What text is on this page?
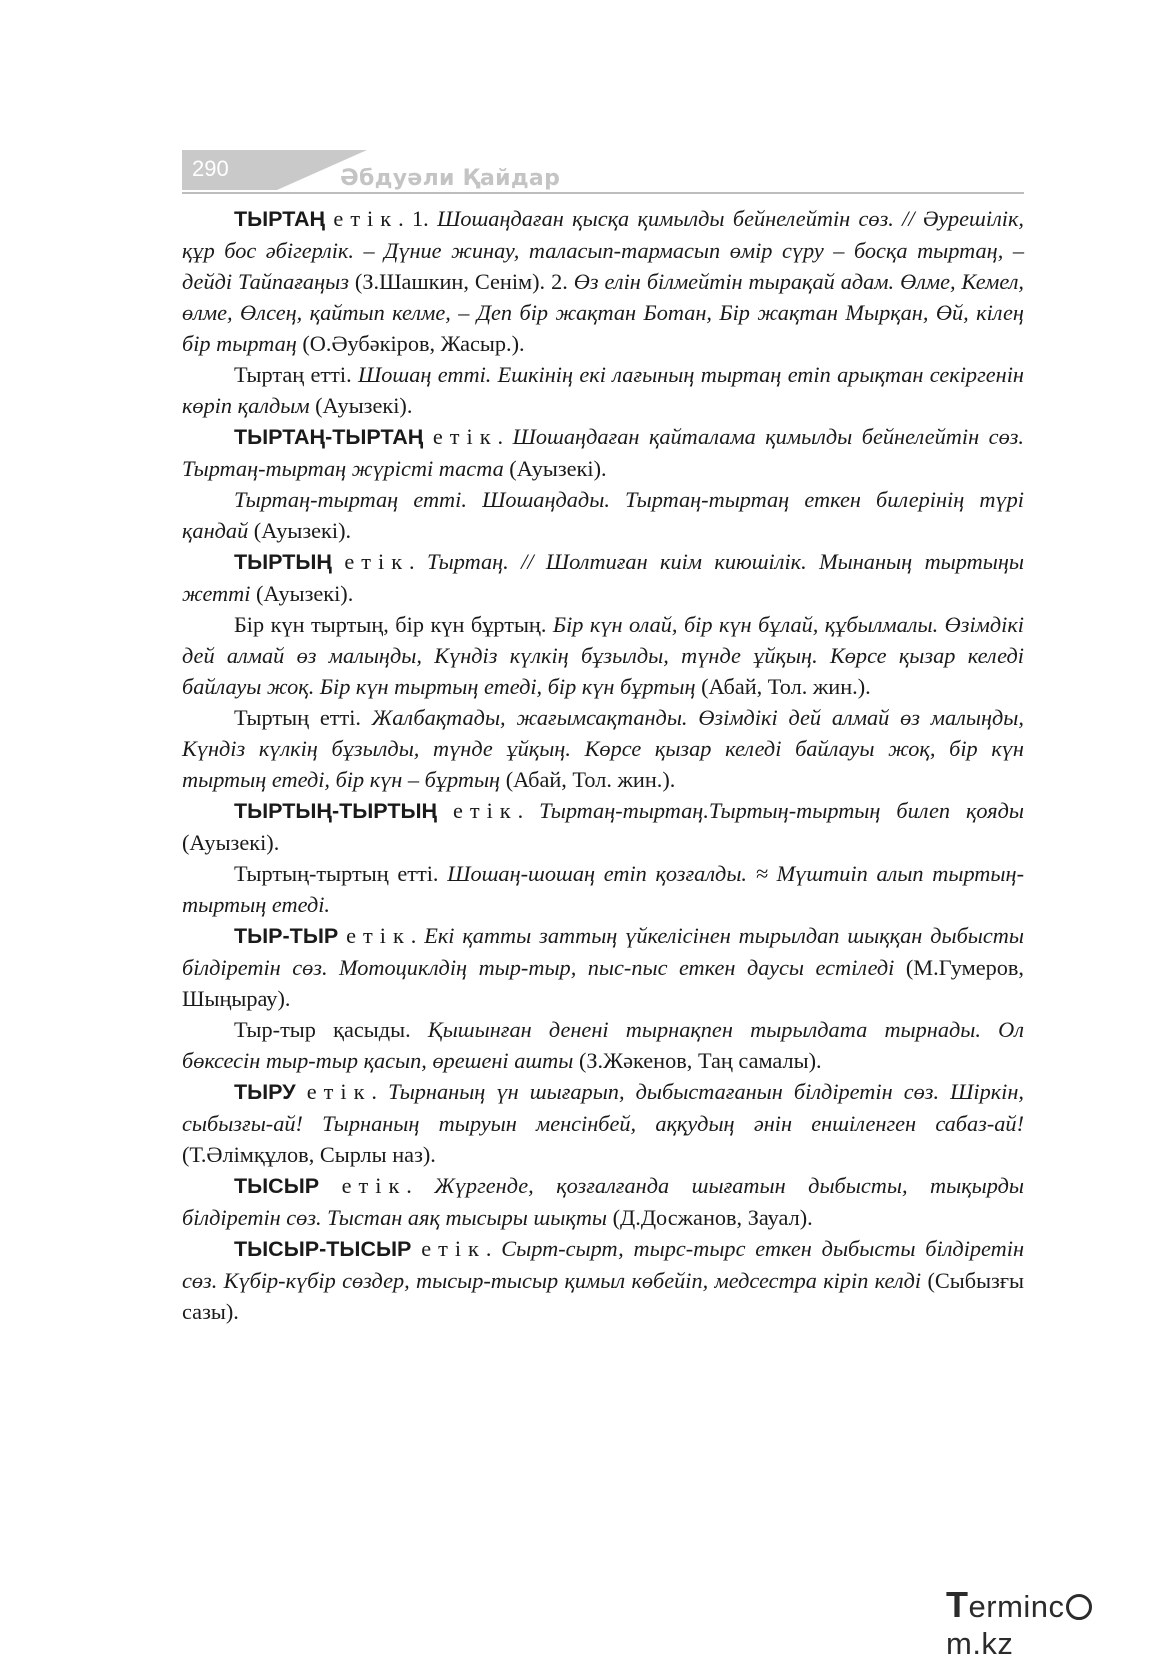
290	Әбдуәли Қайдар

ТЫРТАҢ етік. 1. Шошаңдаған қысқа қимылды бейнелейтін сөз. // Әурешілік, құр бос әбігерлік. – Дүние жинау, таласып-тармасып өмір сүру – босқа тыртаң, – дейді Тайпағаңыз (З.Шашкин, Сенім). 2. Өз елін білмейтін тырақай адам. Өлме, Кемел, өлме, Өлсең, қайтып келме, – Деп бір жақтан Ботан, Бір жақтан Мырқан, Өй, кілең бір тыртаң (О.Әубәкіров, Жасыр.).

Тыртаң етті. Шошаң етті. Ешкінің екі лағының тыртаң етіп арықтан секіргенін көріп қалдым (Ауызекі).

ТЫРТАҢ-ТЫРТАҢ етік. Шошаңдаған қайталама қимылды бейнелейтін сөз. Тыртаң-тыртаң жүрісті таста (Ауызекі).

Тыртаң-тыртаң етті. Шошаңдады. Тыртаң-тыртаң еткен билерінің түрі қандай (Ауызекі).

ТЫРТЫҢ етік. Тыртаң. // Шолтиған киім киюшілік. Мынаның тыртыңы жетті (Ауызекі).

Бір күн тыртың, бір күн бұртың. Бір күн олай, бір күн бұлай, құбылмалы. Өзімдікі дей алмай өз малыңды, Күндіз күлкің бұзылды, түнде ұйқың. Көрсе қызар келеді байлауы жоқ. Бір күн тыртың етеді, бір күн бұртың (Абай, Тол. жин.).

Тыртың етті. Жалбақтады, жағымсақтанды. Өзімдікі дей алмай өз малыңды, Күндіз күлкің бұзылды, түнде ұйқың. Көрсе қызар келеді байлауы жоқ, бір күн тыртың етеді, бір күн – бұртың (Абай, Тол. жин.).

ТЫРТЫҢ-ТЫРТЫҢ етік. Тыртаң-тыртаң.Тыртың-тыртың билеп қояды (Ауызекі).

Тыртың-тыртың етті. Шошаң-шошаң етіп қозғалды. ≈ Мүштиіп алып тыртың-тыртың етеді.

ТЫР-ТЫР етік. Екі қатты заттың үйкелісінен тырылдап шыққан дыбысты білдіретін сөз. Мотоциклдің тыр-тыр, пыс-пыс еткен даусы естіледі (М.Гумеров, Шыңырау).

Тыр-тыр қасыды. Қышынған денені тырнақпен тырылдата тырнады. Ол бөксесін тыр-тыр қасып, өрешені ашты (З.Жәкенов, Таң самалы).

ТЫРУ етік. Тырнаның үн шығарып, дыбыстағанын білдіретін сөз. Шіркін, сыбызғы-ай! Тырнаның тыруын менсінбей, аққудың әнін еншіленген сабаз-ай! (Т.Әлімқұлов, Сырлы наз).

ТЫСЫР етік. Жүргенде, қозғалғанда шығатын дыбысты, тықырды білдіретін сөз. Тыстан аяқ тысыры шықты (Д.Досжанов, Зауал).

ТЫСЫР-ТЫСЫР етік. Сырт-сырт, тырс-тырс еткен дыбысты білдіретін сөз. Күбір-күбір сөздер, тысыр-тысыр қимыл көбейіп, медсестра кіріп келді (Сыбызғы сазы).

Termincm.kz
